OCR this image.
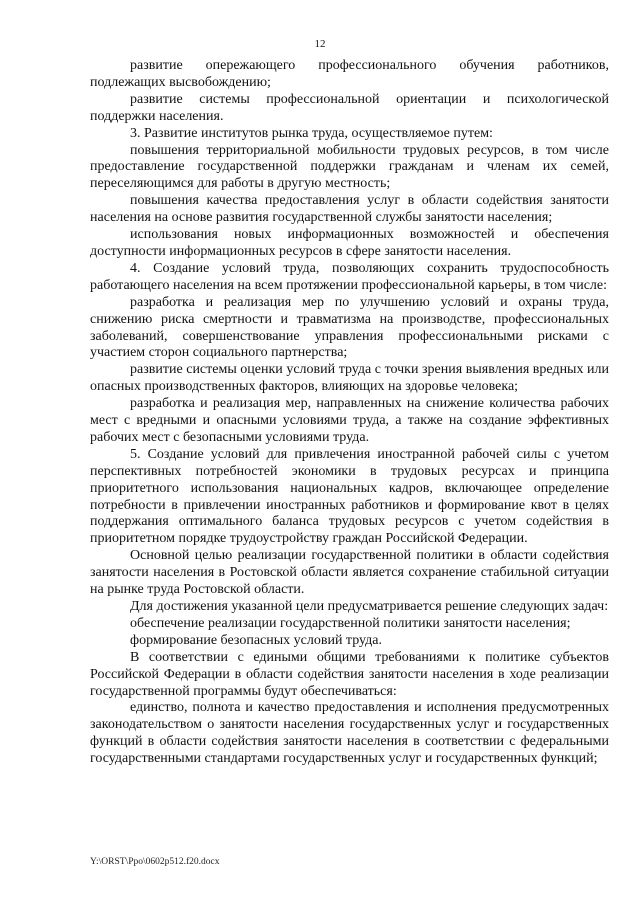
12

развитие опережающего профессионального обучения работников, подлежащих высвобождению;

развитие системы профессиональной ориентации и психологической поддержки населения.

3. Развитие институтов рынка труда, осуществляемое путем:

повышения территориальной мобильности трудовых ресурсов, в том числе предоставление государственной поддержки гражданам и членам их семей, переселяющимся для работы в другую местность;

повышения качества предоставления услуг в области содействия занятости населения на основе развития государственной службы занятости населения;

использования новых информационных возможностей и обеспечения доступности информационных ресурсов в сфере занятости населения.

4. Создание условий труда, позволяющих сохранить трудоспособность работающего населения на всем протяжении профессиональной карьеры, в том числе:

разработка и реализация мер по улучшению условий и охраны труда, снижению риска смертности и травматизма на производстве, профессиональных заболеваний, совершенствование управления профессиональными рисками с участием сторон социального партнерства;

развитие системы оценки условий труда с точки зрения выявления вредных или опасных производственных факторов, влияющих на здоровье человека;

разработка и реализация мер, направленных на снижение количества рабочих мест с вредными и опасными условиями труда, а также на создание эффективных рабочих мест с безопасными условиями труда.

5. Создание условий для привлечения иностранной рабочей силы с учетом перспективных потребностей экономики в трудовых ресурсах и принципа приоритетного использования национальных кадров, включающее определение потребности в привлечении иностранных работников и формирование квот в целях поддержания оптимального баланса трудовых ресурсов с учетом содействия в приоритетном порядке трудоустройству граждан Российской Федерации.

Основной целью реализации государственной политики в области содействия занятости населения в Ростовской области является сохранение стабильной ситуации на рынке труда Ростовской области.

Для достижения указанной цели предусматривается решение следующих задач:

обеспечение реализации государственной политики занятости населения;

формирование безопасных условий труда.

В соответствии с едиными общими требованиями к политике субъектов Российской Федерации в области содействия занятости населения в ходе реализации государственной программы будут обеспечиваться:

единство, полнота и качество предоставления и исполнения предусмотренных законодательством о занятости населения государственных услуг и государственных функций в области содействия занятости населения в соответствии с федеральными государственными стандартами государственных услуг и государственных функций;

Y:\ORST\Ppo\0602p512.f20.docx
